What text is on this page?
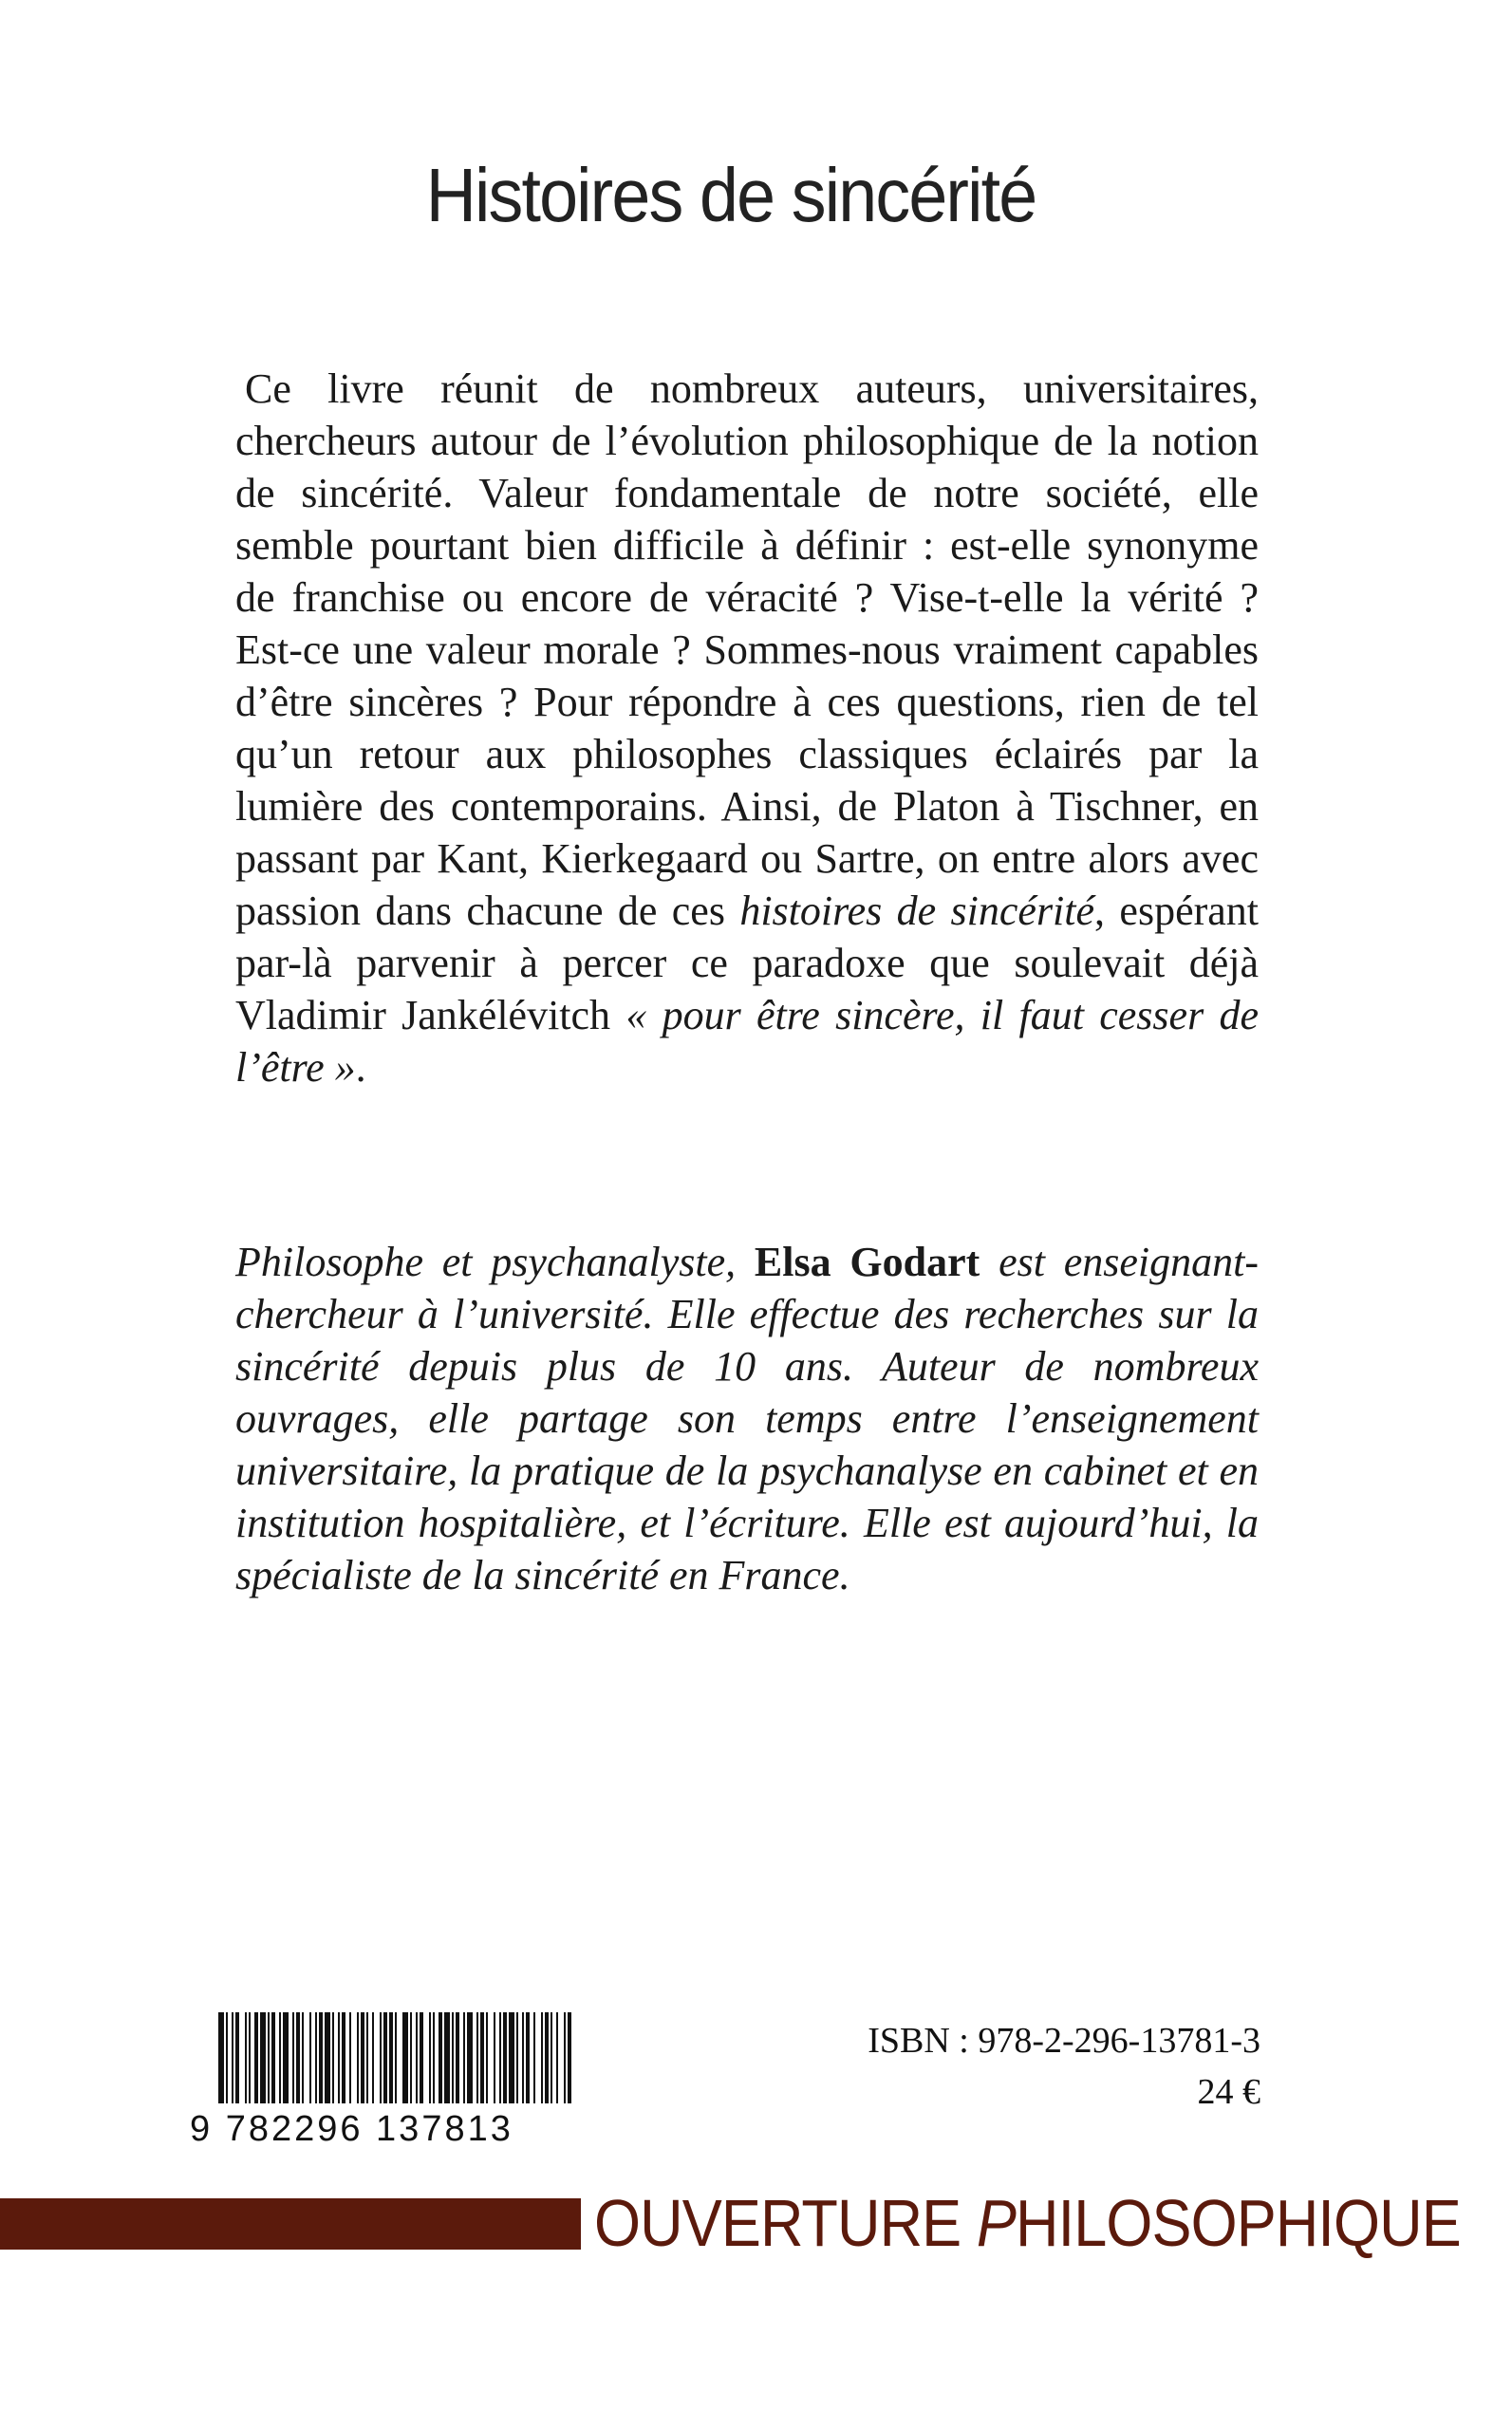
Histoires de sincérité

Ce livre réunit de nombreux auteurs, universitaires, chercheurs autour de l’évolution philosophique de la notion de sincérité. Valeur fondamentale de notre société, elle semble pourtant bien difficile à définir : est-elle synonyme de franchise ou encore de véracité ? Vise-t-elle la vérité ? Est-ce une valeur morale ? Sommes-nous vraiment capables d’être sincères ? Pour répondre à ces questions, rien de tel qu’un retour aux philosophes classiques éclairés par la lumière des contemporains. Ainsi, de Platon à Tischner, en passant par Kant, Kierkegaard ou Sartre, on entre alors avec passion dans chacune de ces histoires de sincérité, espérant par-là parvenir à percer ce paradoxe que soulevait déjà Vladimir Jankélévitch « pour être sincère, il faut cesser de l’être ».

Philosophe et psychanalyste, Elsa Godart est enseignant-chercheur à l’université. Elle effectue des recherches sur la sincérité depuis plus de 10 ans. Auteur de nombreux ouvrages, elle partage son temps entre l’enseignement universitaire, la pratique de la psychanalyse en cabinet et en institution hospitalière, et l’écriture. Elle est aujourd’hui, la spécialiste de la sincérité en France.

9 782296 137813
ISBN : 978-2-296-13781-3
24 €
OUVERTURE PHILOSOPHIQUE
